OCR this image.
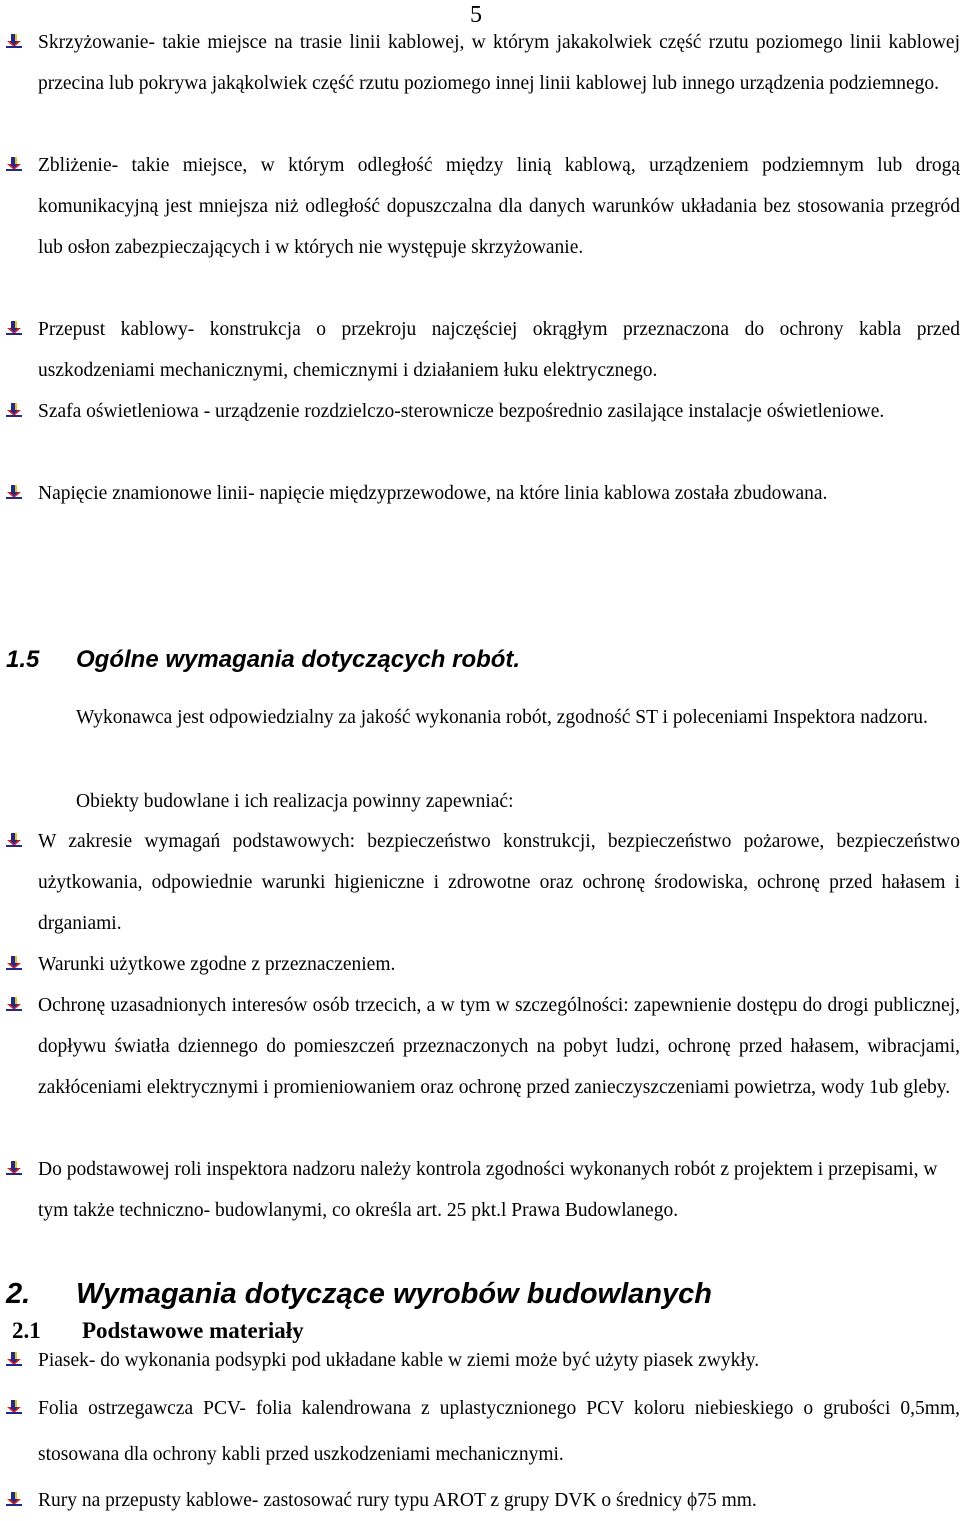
5

Skrzyżowanie- takie miejsce na trasie linii kablowej, w którym jakakolwiek część rzutu poziomego linii kablowej przecina lub pokrywa jakąkolwiek część rzutu poziomego innej linii kablowej lub innego urządzenia podziemnego.

Zbliżenie- takie miejsce, w którym odległość między linią kablową, urządzeniem podziemnym lub drogą komunikacyjną jest mniejsza niż odległość dopuszczalna dla danych warunków układania bez stosowania przegród lub osłon zabezpieczających i w których nie występuje skrzyżowanie.

Przepust kablowy- konstrukcja o przekroju najczęściej okrągłym przeznaczona do ochrony kabla przed uszkodzeniami mechanicznymi, chemicznymi i działaniem łuku elektrycznego.

Szafa oświetleniowa - urządzenie rozdzielczo-sterownicze bezpośrednio zasilające instalacje oświetleniowe.

Napięcie znamionowe linii- napięcie międzyprzewodowe, na które linia kablowa została zbudowana.

1.5 Ogólne wymagania dotyczących robót.

Wykonawca jest odpowiedzialny za jakość wykonania robót, zgodność ST i poleceniami Inspektora nadzoru.

Obiekty budowlane i ich realizacja powinny zapewniać:

W zakresie wymagań podstawowych: bezpieczeństwo konstrukcji, bezpieczeństwo pożarowe, bezpieczeństwo użytkowania, odpowiednie warunki higieniczne i zdrowotne oraz ochronę środowiska, ochronę przed hałasem i drganiami.

Warunki użytkowe zgodne z przeznaczeniem.

Ochronę uzasadnionych interesów osób trzecich, a w tym w szczególności: zapewnienie dostępu do drogi publicznej, dopływu światła dziennego do pomieszczeń przeznaczonych na pobyt ludzi, ochronę przed hałasem, wibracjami, zakłóceniami elektrycznymi i promieniowaniem oraz ochronę przed zanieczyszczeniami powietrza, wody 1ub gleby.

Do podstawowej roli inspektora nadzoru należy kontrola zgodności wykonanych robót z projektem i przepisami, w tym także techniczno- budowlanymi, co określa art. 25 pkt.l Prawa Budowlanego.

2. Wymagania dotyczące wyrobów budowlanych
2.1 Podstawowe materiały

Piasek- do wykonania podsypki pod układane kable w ziemi może być użyty piasek zwykły.

Folia ostrzegawcza PCV- folia kalendrowana z uplastycznionego PCV koloru niebieskiego o grubości 0,5mm, stosowana dla ochrony kabli przed uszkodzeniami mechanicznymi.

Rury na przepusty kablowe- zastosować rury typu AROT z grupy DVK o średnicy ϕ75 mm.
